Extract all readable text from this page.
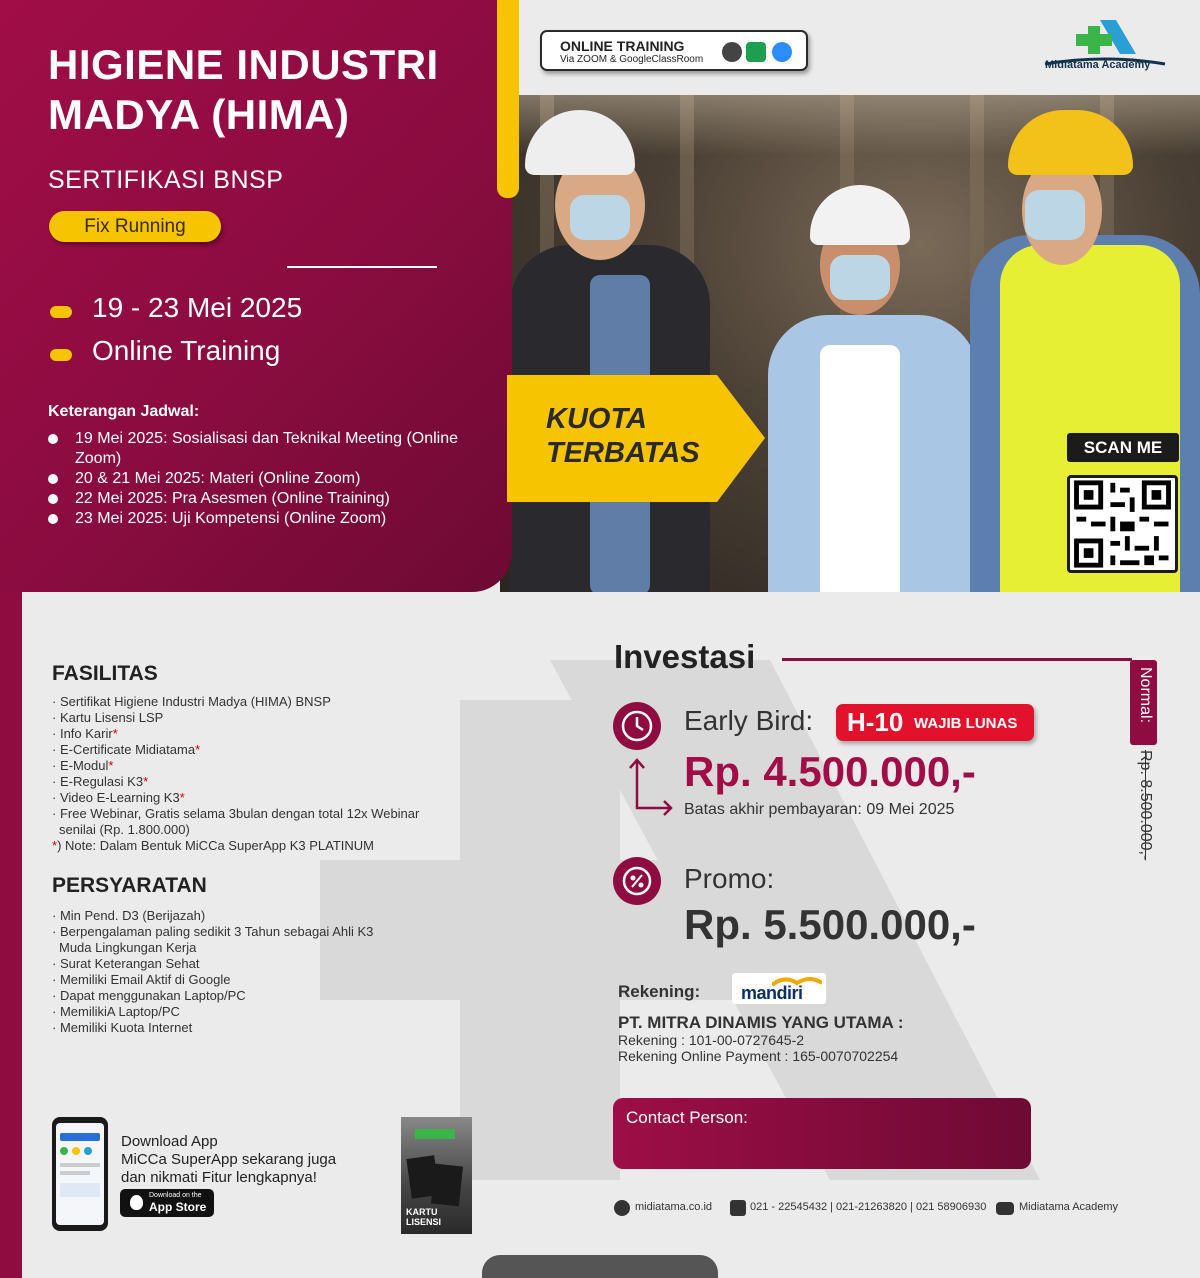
HIGIENE INDUSTRI
MADYA (HIMA)
SERTIFIKASI BNSP
Fix Running
19 - 23 Mei 2025
Online Training
Keterangan Jadwal:
19 Mei 2025: Sosialisasi dan Teknikal Meeting (Online Zoom)
20 & 21 Mei 2025: Materi (Online Zoom)
22 Mei 2025: Pra Asesmen (Online Training)
23 Mei 2025: Uji Kompetensi (Online Zoom)
ONLINE TRAINING
Via ZOOM & GoogleClassRoom	Midiatama Academy
KUOTA
TERBATAS	SCAN ME
FASILITAS
· Sertifikat Higiene Industri Madya (HIMA) BNSP
· Kartu Lisensi LSP
· Info Karir*
· E-Certificate Midiatama*
· E-Modul*
· E-Regulasi K3*
· Video E-Learning K3*
· Free Webinar, Gratis selama 3bulan dengan total 12x Webinar senilai (Rp. 1.800.000)
*) Note: Dalam Bentuk MiCCa SuperApp K3 PLATINUM
PERSYARATAN
· Min Pend. D3 (Berijazah)
· Berpengalaman paling sedikit 3 Tahun sebagai Ahli K3 Muda Lingkungan Kerja
· Surat Keterangan Sehat
· Memiliki Email Aktif di Google
· Dapat menggunakan Laptop/PC
· MemilikiA Laptop/PC
· Memiliki Kuota Internet
Investasi
Normal:
Rp. 8.500.000,-
Early Bird: H-10 WAJIB LUNAS
Rp. 4.500.000,-
Batas akhir pembayaran: 09 Mei 2025
Promo:
Rp. 5.500.000,-
Rekening: mandiri
PT. MITRA DINAMIS YANG UTAMA :
Rekening : 101-00-0727645-2
Rekening Online Payment : 165-0070702254
Contact Person:
midiatama.co.id	021 - 22545432 | 021-21263820 | 021 58906930	Midiatama Academy
Download App
MiCCa SuperApp sekarang juga
dan nikmati Fitur lengkapnya!
Download on the
App Store	KARTU LISENSI
